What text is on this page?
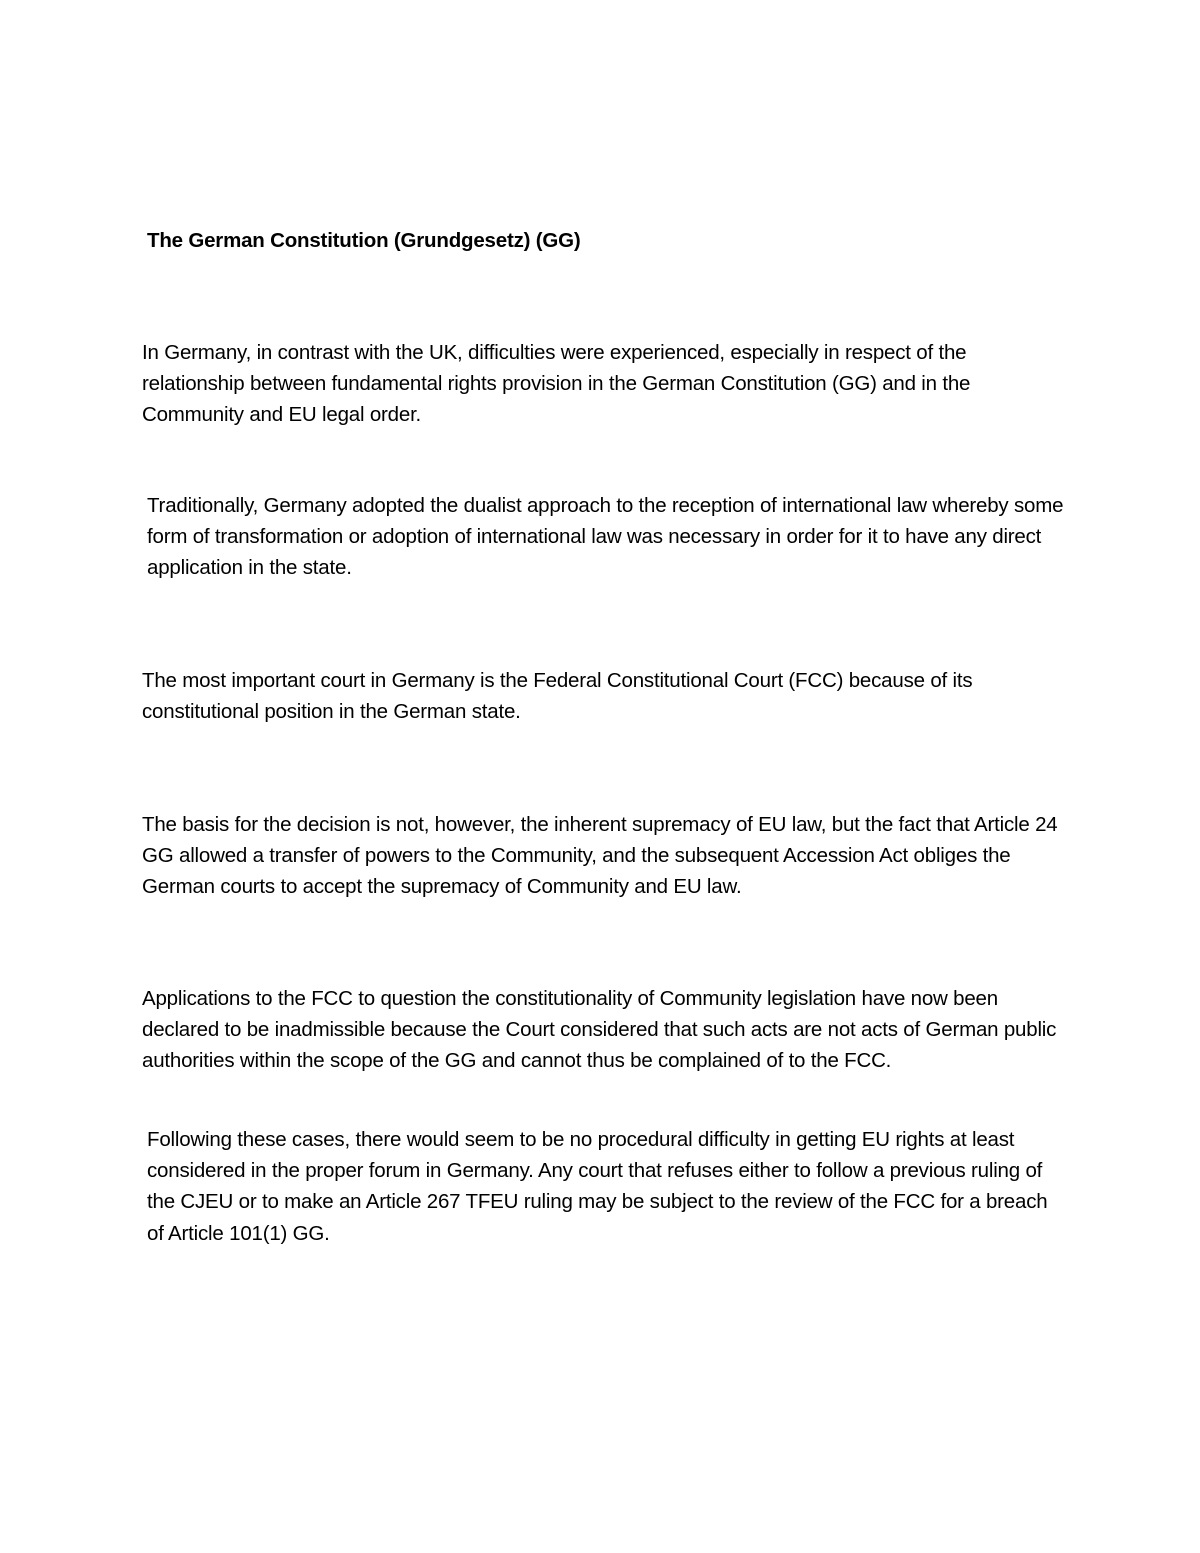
The German Constitution (Grundgesetz) (GG)

In Germany, in contrast with the UK, difficulties were experienced, especially in respect of the relationship between fundamental rights provision in the German Constitution (GG) and in the Community and EU legal order.

Traditionally, Germany adopted the dualist approach to the reception of international law whereby some form of transformation or adoption of international law was necessary in order for it to have any direct application in the state.

The most important court in Germany is the Federal Constitutional Court (FCC) because of its constitutional position in the German state.

The basis for the decision is not, however, the inherent supremacy of EU law, but the fact that Article 24 GG allowed a transfer of powers to the Community, and the subsequent Accession Act obliges the German courts to accept the supremacy of Community and EU law.

Applications to the FCC to question the constitutionality of Community legislation have now been declared to be inadmissible because the Court considered that such acts are not acts of German public authorities within the scope of the GG and cannot thus be complained of to the FCC.

Following these cases, there would seem to be no procedural difficulty in getting EU rights at least considered in the proper forum in Germany. Any court that refuses either to follow a previous ruling of the CJEU or to make an Article 267 TFEU ruling may be subject to the review of the FCC for a breach of Article 101(1) GG.
